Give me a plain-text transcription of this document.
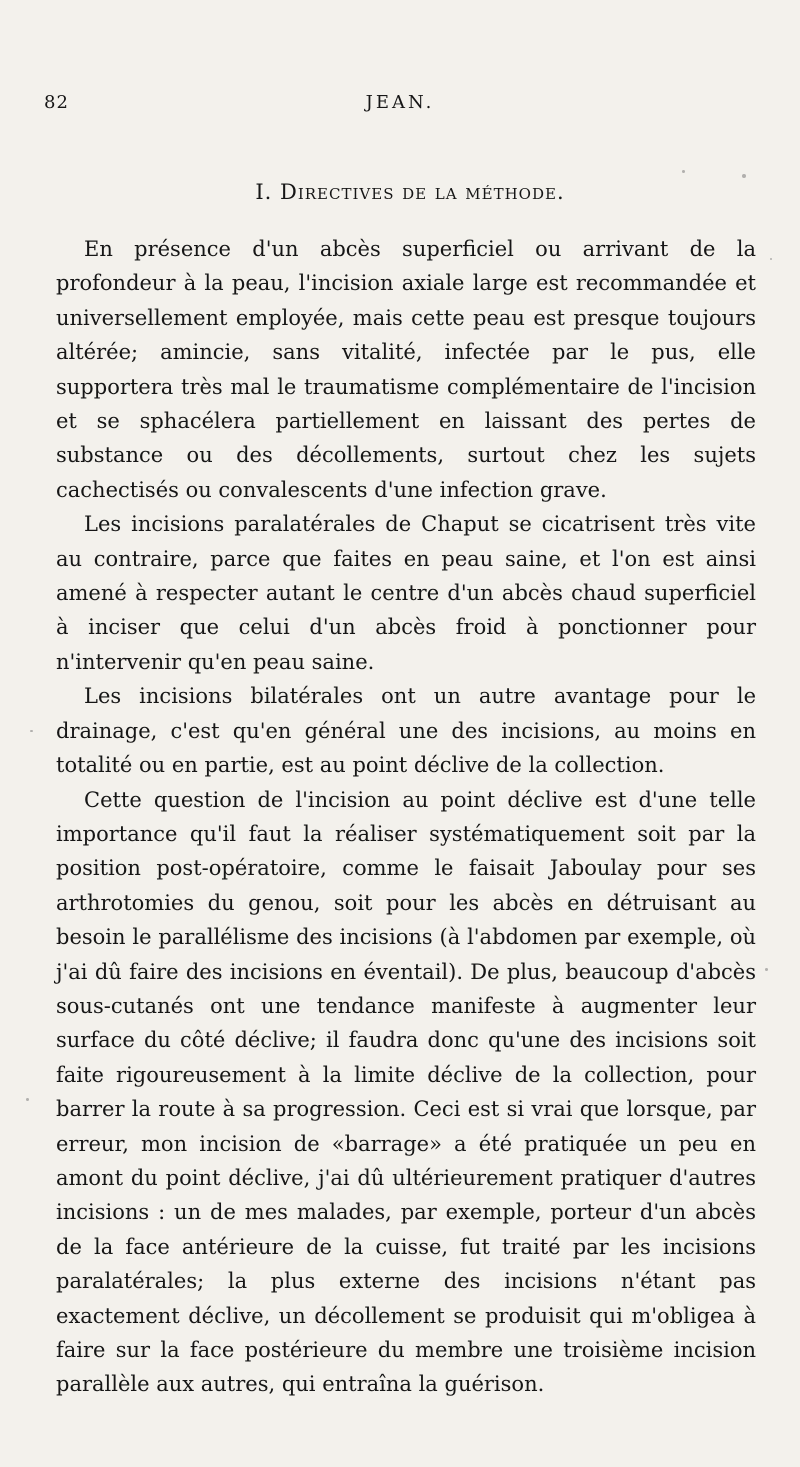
82	JEAN.
I. Directives de la méthode.

En présence d'un abcès superficiel ou arrivant de la profondeur à la peau, l'incision axiale large est recommandée et universellement employée, mais cette peau est presque toujours altérée; amincie, sans vitalité, infectée par le pus, elle supportera très mal le traumatisme complémentaire de l'incision et se sphacélera partiellement en laissant des pertes de substance ou des décollements, surtout chez les sujets cachectisés ou convalescents d'une infection grave.

Les incisions paralatérales de Chaput se cicatrisent très vite au contraire, parce que faites en peau saine, et l'on est ainsi amené à respecter autant le centre d'un abcès chaud superficiel à inciser que celui d'un abcès froid à ponctionner pour n'intervenir qu'en peau saine.

Les incisions bilatérales ont un autre avantage pour le drainage, c'est qu'en général une des incisions, au moins en totalité ou en partie, est au point déclive de la collection.

Cette question de l'incision au point déclive est d'une telle importance qu'il faut la réaliser systématiquement soit par la position post-opératoire, comme le faisait Jaboulay pour ses arthrotomies du genou, soit pour les abcès en détruisant au besoin le parallélisme des incisions (à l'abdomen par exemple, où j'ai dû faire des incisions en éventail). De plus, beaucoup d'abcès sous-cutanés ont une tendance manifeste à augmenter leur surface du côté déclive; il faudra donc qu'une des incisions soit faite rigoureusement à la limite déclive de la collection, pour barrer la route à sa progression. Ceci est si vrai que lorsque, par erreur, mon incision de «barrage» a été pratiquée un peu en amont du point déclive, j'ai dû ultérieurement pratiquer d'autres incisions : un de mes malades, par exemple, porteur d'un abcès de la face antérieure de la cuisse, fut traité par les incisions paralatérales; la plus externe des incisions n'étant pas exactement déclive, un décollement se produisit qui m'obligea à faire sur la face postérieure du membre une troisième incision parallèle aux autres, qui entraîna la guérison.
